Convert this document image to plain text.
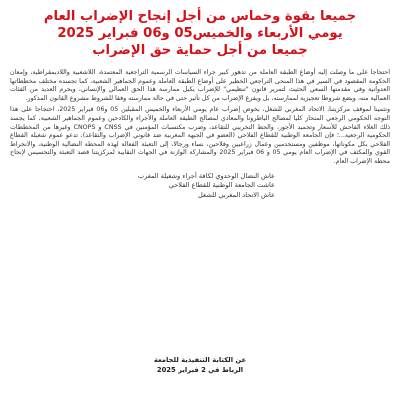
جميعا بقوة وحماس من أجل إنجاح الإضراب العام
يومي الأربعاء والخميس05 و06 فبراير 2025
جميعا من أجل حماية حق الإضراب

احتجاجا على ما وصلت إليه أوضاع الطبقة العاملة من تدهور كبير جراء السياسات الرسمية التراجعية المعتمدة، اللاشعبية واللاديمقراطية، وإمعان الحكومة المقصود في السير في هذا المنحى التراجعي الخطير على أوضاع الطبقة العاملة وعموم الجماهير الشعبية، كما تجسده مختلف مخططاتها العدوانية وفي مقدمتها السعي الحثيث لتمرير قانون "تنظيمي" للإضراب يكبل ممارسة هذا الحق العمالي والإنساني، ويحرم العديد من الفئات العمالية منه، ويضع شروطا تعجيزية لممارسته، بل ويفرغ الإضراب من كل تأثير حتى في حالة ممارسته وفقا للشروط مشروع القانون المذكور.

وتثمينا لموقف مركزيتنا، الاتحاد المغربي للشغل، بخوض إضراب عام يومي الأربعاء والخميس المقبلين 05 و06 فبراير 2025، احتجاجا على هذا التوجه الحكومي الرجعي المنحاز كليا لمصالح الباطرونا والمعادي لمصالح الطبقة العاملة والأجراء والكادحين وعموم الجماهير الشعبية، كما يجسد ذلك الغلاء الفاحش للأسعار وتجميد الأجور، والحط التخريبي للتقاعد، وضرب مكتسبات المؤمنين في CNSS و CNOPS وغيرها من المخططات الحكومية الرجعية...؛ فإن الجامعة الوطنية للقطاع الفلاحي (العضو في الجبهة المغربية ضد قانوني الإضراب والتقاعد)، تدعو عموم شغيلة القطاع الفلاحي بكل مكوناتها، موظفين ومستخدمين وعمال زراعيين وفلاحين، نساء ورجالا، إلى التعبئة الفعالة لهذه المحطة النضالية الوطنية، والانخراط القوي والمكثف في الإضراب العام يومي 05 و 06 فبراير 2025 والمشاركة الوازنة في الجهات النقابية لمركزيتنا قصد التعبئة والتحسيس لإنجاح محطة الإضراب العام.

عاش النضال الوحدوي لكافة أجراء وشغيلة المغرب
عاشت الجامعة الوطنية للقطاع الفلاحي
عاش الاتحاد المغربي للشغل
عن الكتابة التنفيذية للجامعة
الرباط في 2 فبراير 2025
